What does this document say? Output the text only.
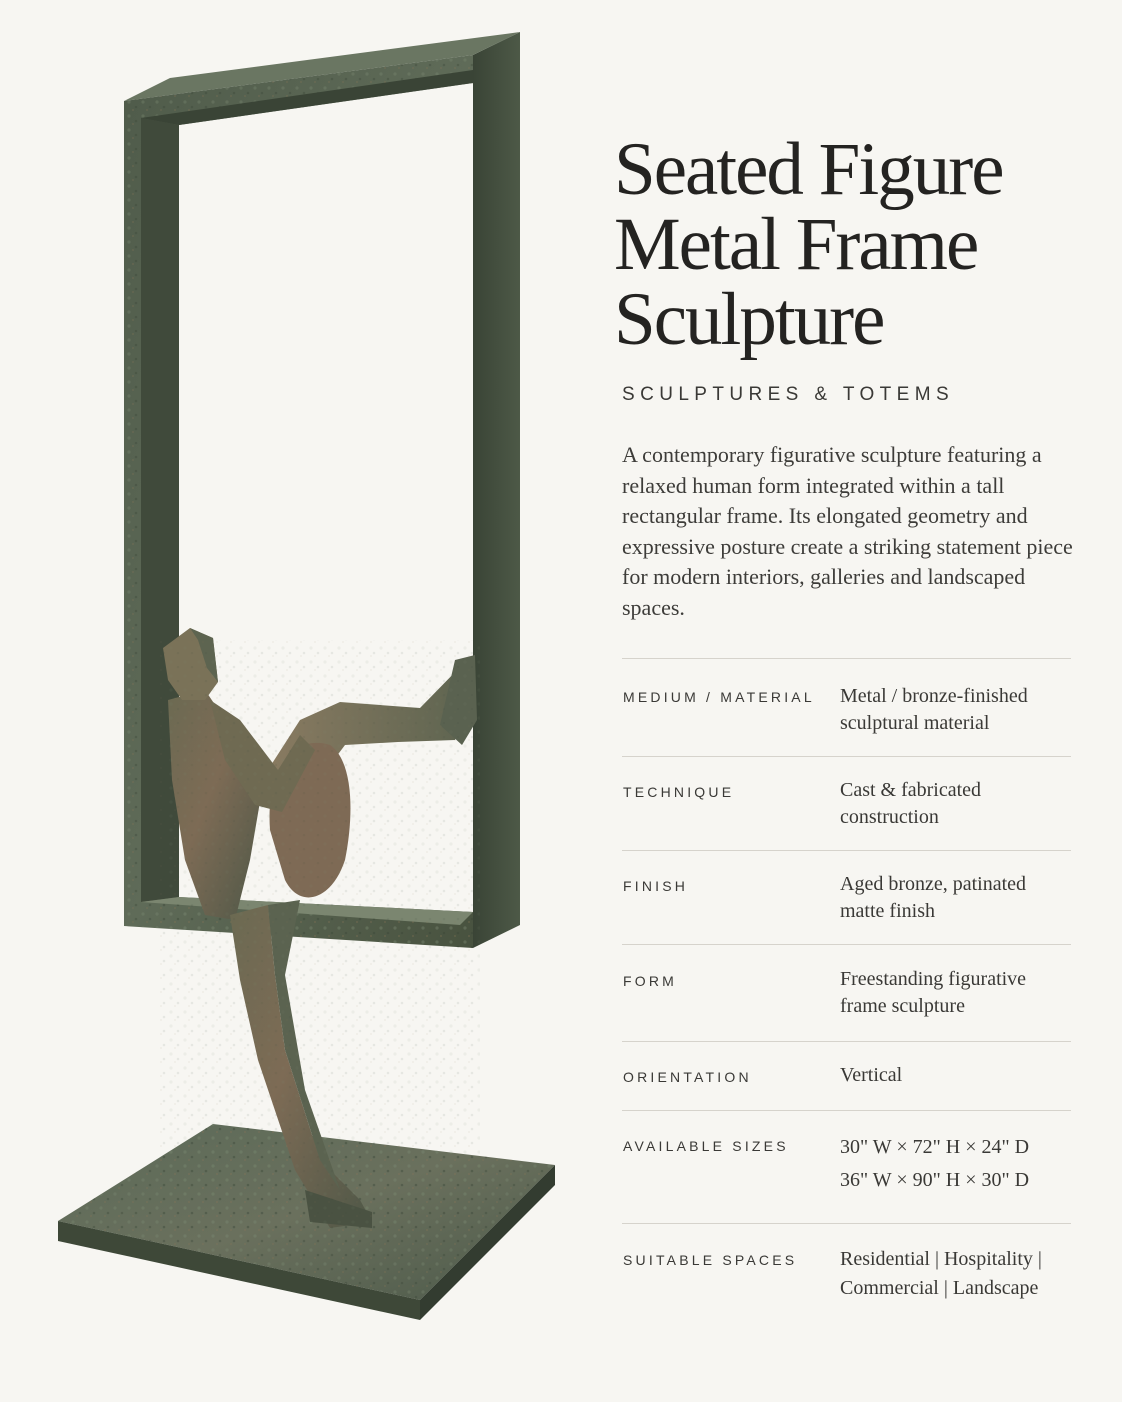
Seated Figure
Metal Frame
Sculpture
SCULPTURES & TOTEMS

A contemporary figurative sculpture featuring a relaxed human form integrated within a tall rectangular frame. Its elongated geometry and expressive posture create a striking statement piece for modern interiors, galleries and landscaped spaces.

MEDIUM / MATERIAL Metal / bronze-finished
sculptural material
TECHNIQUE	Cast & fabricated
construction
FINISH	Aged bronze, patinated
matte finish
FORM	Freestanding figurative
frame sculpture
ORIENTATION	Vertical
AVAILABLE SIZES	30" W × 72" H × 24" D
36" W × 90" H × 30" D
SUITABLE SPACES Residential | Hospitality |
Commercial | Landscape
